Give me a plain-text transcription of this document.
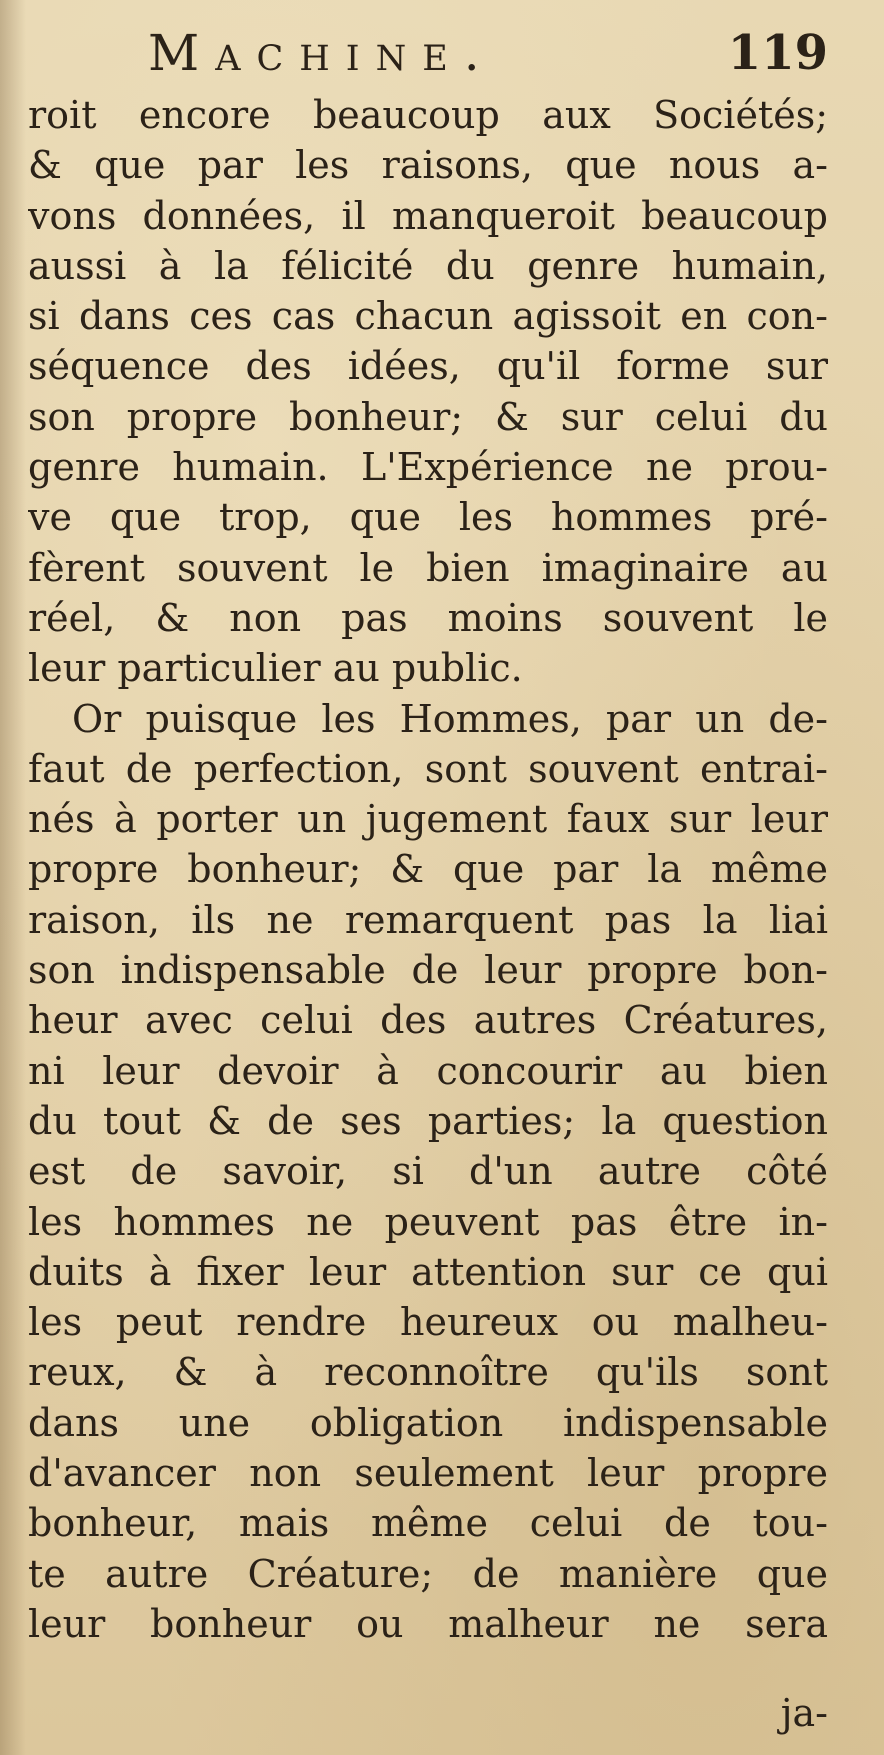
Machine.	119
roit encore beaucoup aux Sociétés;
& que par les raisons, que nous a-
vons données, il manqueroit beaucoup
aussi à la félicité du genre humain,
si dans ces cas chacun agissoit en con-
séquence des idées, qu'il forme sur
son propre bonheur; & sur celui du
genre humain. L'Expérience ne prou-
ve que trop, que les hommes pré-
fèrent souvent le bien imaginaire au
réel, & non pas moins souvent le
leur particulier au public.
Or puisque les Hommes, par un de-
faut de perfection, sont souvent entrai-
nés à porter un jugement faux sur leur
propre bonheur; & que par la même
raison, ils ne remarquent pas la liai
son indispensable de leur propre bon-
heur avec celui des autres Créatures,
ni leur devoir à concourir au bien
du tout & de ses parties; la question
est de savoir, si d'un autre côté
les hommes ne peuvent pas être in-
duits à fixer leur attention sur ce qui
les peut rendre heureux ou malheu-
reux, & à reconnoître qu'ils sont
dans une obligation indispensable
d'avancer non seulement leur propre
bonheur, mais même celui de tou-
te autre Créature; de manière que
leur bonheur ou malheur ne sera
ja-
